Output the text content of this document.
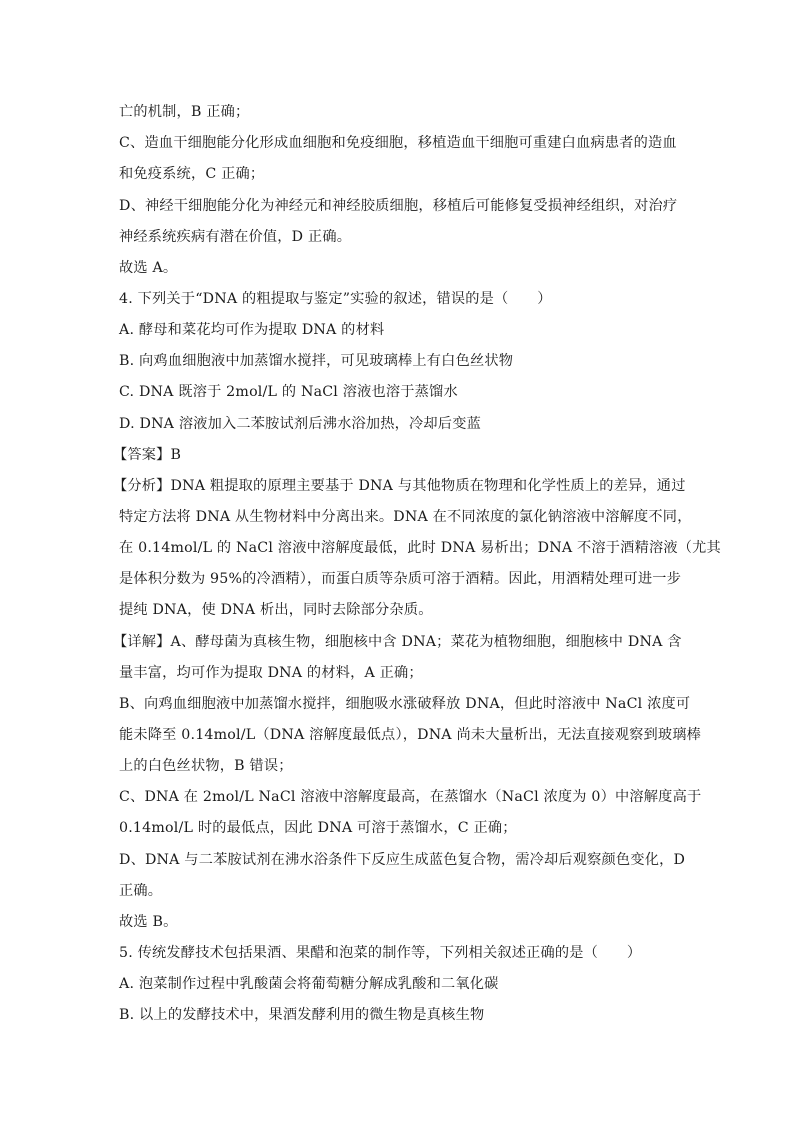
亡的机制，B 正确；
C、造血干细胞能分化形成血细胞和免疫细胞，移植造血干细胞可重建白血病患者的造血
和免疫系统，C 正确；
D、神经干细胞能分化为神经元和神经胶质细胞，移植后可能修复受损神经组织，对治疗
神经系统疾病有潜在价值，D 正确。
故选 A。
4. 下列关于“DNA 的粗提取与鉴定”实验的叙述，错误的是（　　）
A. 酵母和菜花均可作为提取 DNA 的材料
B. 向鸡血细胞液中加蒸馏水搅拌，可见玻璃棒上有白色丝状物
C. DNA 既溶于 2mol/L 的 NaCl 溶液也溶于蒸馏水
D. DNA 溶液加入二苯胺试剂后沸水浴加热，冷却后变蓝
【答案】B
【分析】DNA 粗提取的原理主要基于 DNA 与其他物质在物理和化学性质上的差异，通过
特定方法将 DNA 从生物材料中分离出来。DNA 在不同浓度的氯化钠溶液中溶解度不同，
在 0.14mol/L 的 NaCl 溶液中溶解度最低，此时 DNA 易析出；DNA 不溶于酒精溶液（尤其
是体积分数为 95%的冷酒精），而蛋白质等杂质可溶于酒精。因此，用酒精处理可进一步
提纯 DNA，使 DNA 析出，同时去除部分杂质。
【详解】A、酵母菌为真核生物，细胞核中含 DNA；菜花为植物细胞，细胞核中 DNA 含
量丰富，均可作为提取 DNA 的材料，A 正确；
B、向鸡血细胞液中加蒸馏水搅拌，细胞吸水涨破释放 DNA，但此时溶液中 NaCl 浓度可
能未降至 0.14mol/L（DNA 溶解度最低点），DNA 尚未大量析出，无法直接观察到玻璃棒
上的白色丝状物，B 错误；
C、DNA 在 2mol/L NaCl 溶液中溶解度最高，在蒸馏水（NaCl 浓度为 0）中溶解度高于
0.14mol/L 时的最低点，因此 DNA 可溶于蒸馏水，C 正确；
D、DNA 与二苯胺试剂在沸水浴条件下反应生成蓝色复合物，需冷却后观察颜色变化，D
正确。
故选 B。
5. 传统发酵技术包括果酒、果醋和泡菜的制作等，下列相关叙述正确的是（　　）
A. 泡菜制作过程中乳酸菌会将葡萄糖分解成乳酸和二氧化碳
B. 以上的发酵技术中，果酒发酵利用的微生物是真核生物
